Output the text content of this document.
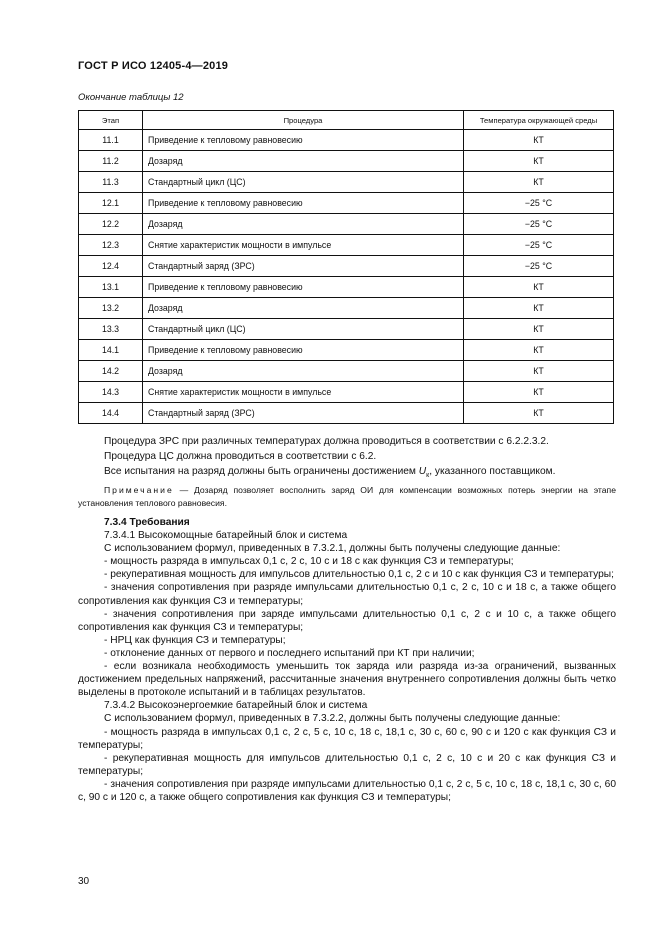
ГОСТ Р ИСО 12405-4—2019
Окончание таблицы 12
Этап	Процедура	Температура окружающей среды
11.1	Приведение к тепловому равновесию	КТ
11.2	Дозаряд	КТ
11.3	Стандартный цикл (ЦС)	КТ
12.1	Приведение к тепловому равновесию	−25 °С
12.2	Дозаряд	−25 °С
12.3	Снятие характеристик мощности в импульсе	−25 °С
12.4	Стандартный заряд (ЗРС)	−25 °С
13.1	Приведение к тепловому равновесию	КТ
13.2	Дозаряд	КТ
13.3	Стандартный цикл (ЦС)	КТ
14.1	Приведение к тепловому равновесию	КТ
14.2	Дозаряд	КТ
14.3	Снятие характеристик мощности в импульсе	КТ
14.4	Стандартный заряд (ЗРС)	КТ

Процедура ЗРС при различных температурах должна проводиться в соответствии с 6.2.2.3.2.

Процедура ЦС должна проводиться в соответствии с 6.2.

Все испытания на разряд должны быть ограничены достижением $U_к$, указанного поставщиком.

Примечание — Дозаряд позволяет восполнить заряд ОИ для компенсации возможных потерь энергии на этапе установления теплового равновесия.

7.3.4 Требования

7.3.4.1 Высокомощные батарейный блок и система

С использованием формул, приведенных в 7.3.2.1, должны быть получены следующие данные:

- мощность разряда в импульсах 0,1 с, 2 с, 10 с и 18 с как функция СЗ и температуры;

- рекуперативная мощность для импульсов длительностью 0,1 с, 2 с и 10 с как функция СЗ и температуры;

- значения сопротивления при разряде импульсами длительностью 0,1 с, 2 с, 10 с и 18 с, а также общего сопротивления как функция СЗ и температуры;

- значения сопротивления при заряде импульсами длительностью 0,1 с, 2 с и 10 с, а также общего сопротивления как функция СЗ и температуры;

- НРЦ как функция СЗ и температуры;

- отклонение данных от первого и последнего испытаний при КТ при наличии;

- если возникала необходимость уменьшить ток заряда или разряда из-за ограничений, вызванных достижением предельных напряжений, рассчитанные значения внутреннего сопротивления должны быть четко выделены в протоколе испытаний и в таблицах результатов.

7.3.4.2 Высокоэнергоемкие батарейный блок и система

С использованием формул, приведенных в 7.3.2.2, должны быть получены следующие данные:

- мощность разряда в импульсах 0,1 с, 2 с, 5 с, 10 с, 18 с, 18,1 с, 30 с, 60 с, 90 с и 120 с как функция СЗ и температуры;

- рекуперативная мощность для импульсов длительностью 0,1 с, 2 с, 10 с и 20 с как функция СЗ и температуры;

- значения сопротивления при разряде импульсами длительностью 0,1 с, 2 с, 5 с, 10 с, 18 с, 18,1 с, 30 с, 60 с, 90 с и 120 с, а также общего сопротивления как функция СЗ и температуры;

30
